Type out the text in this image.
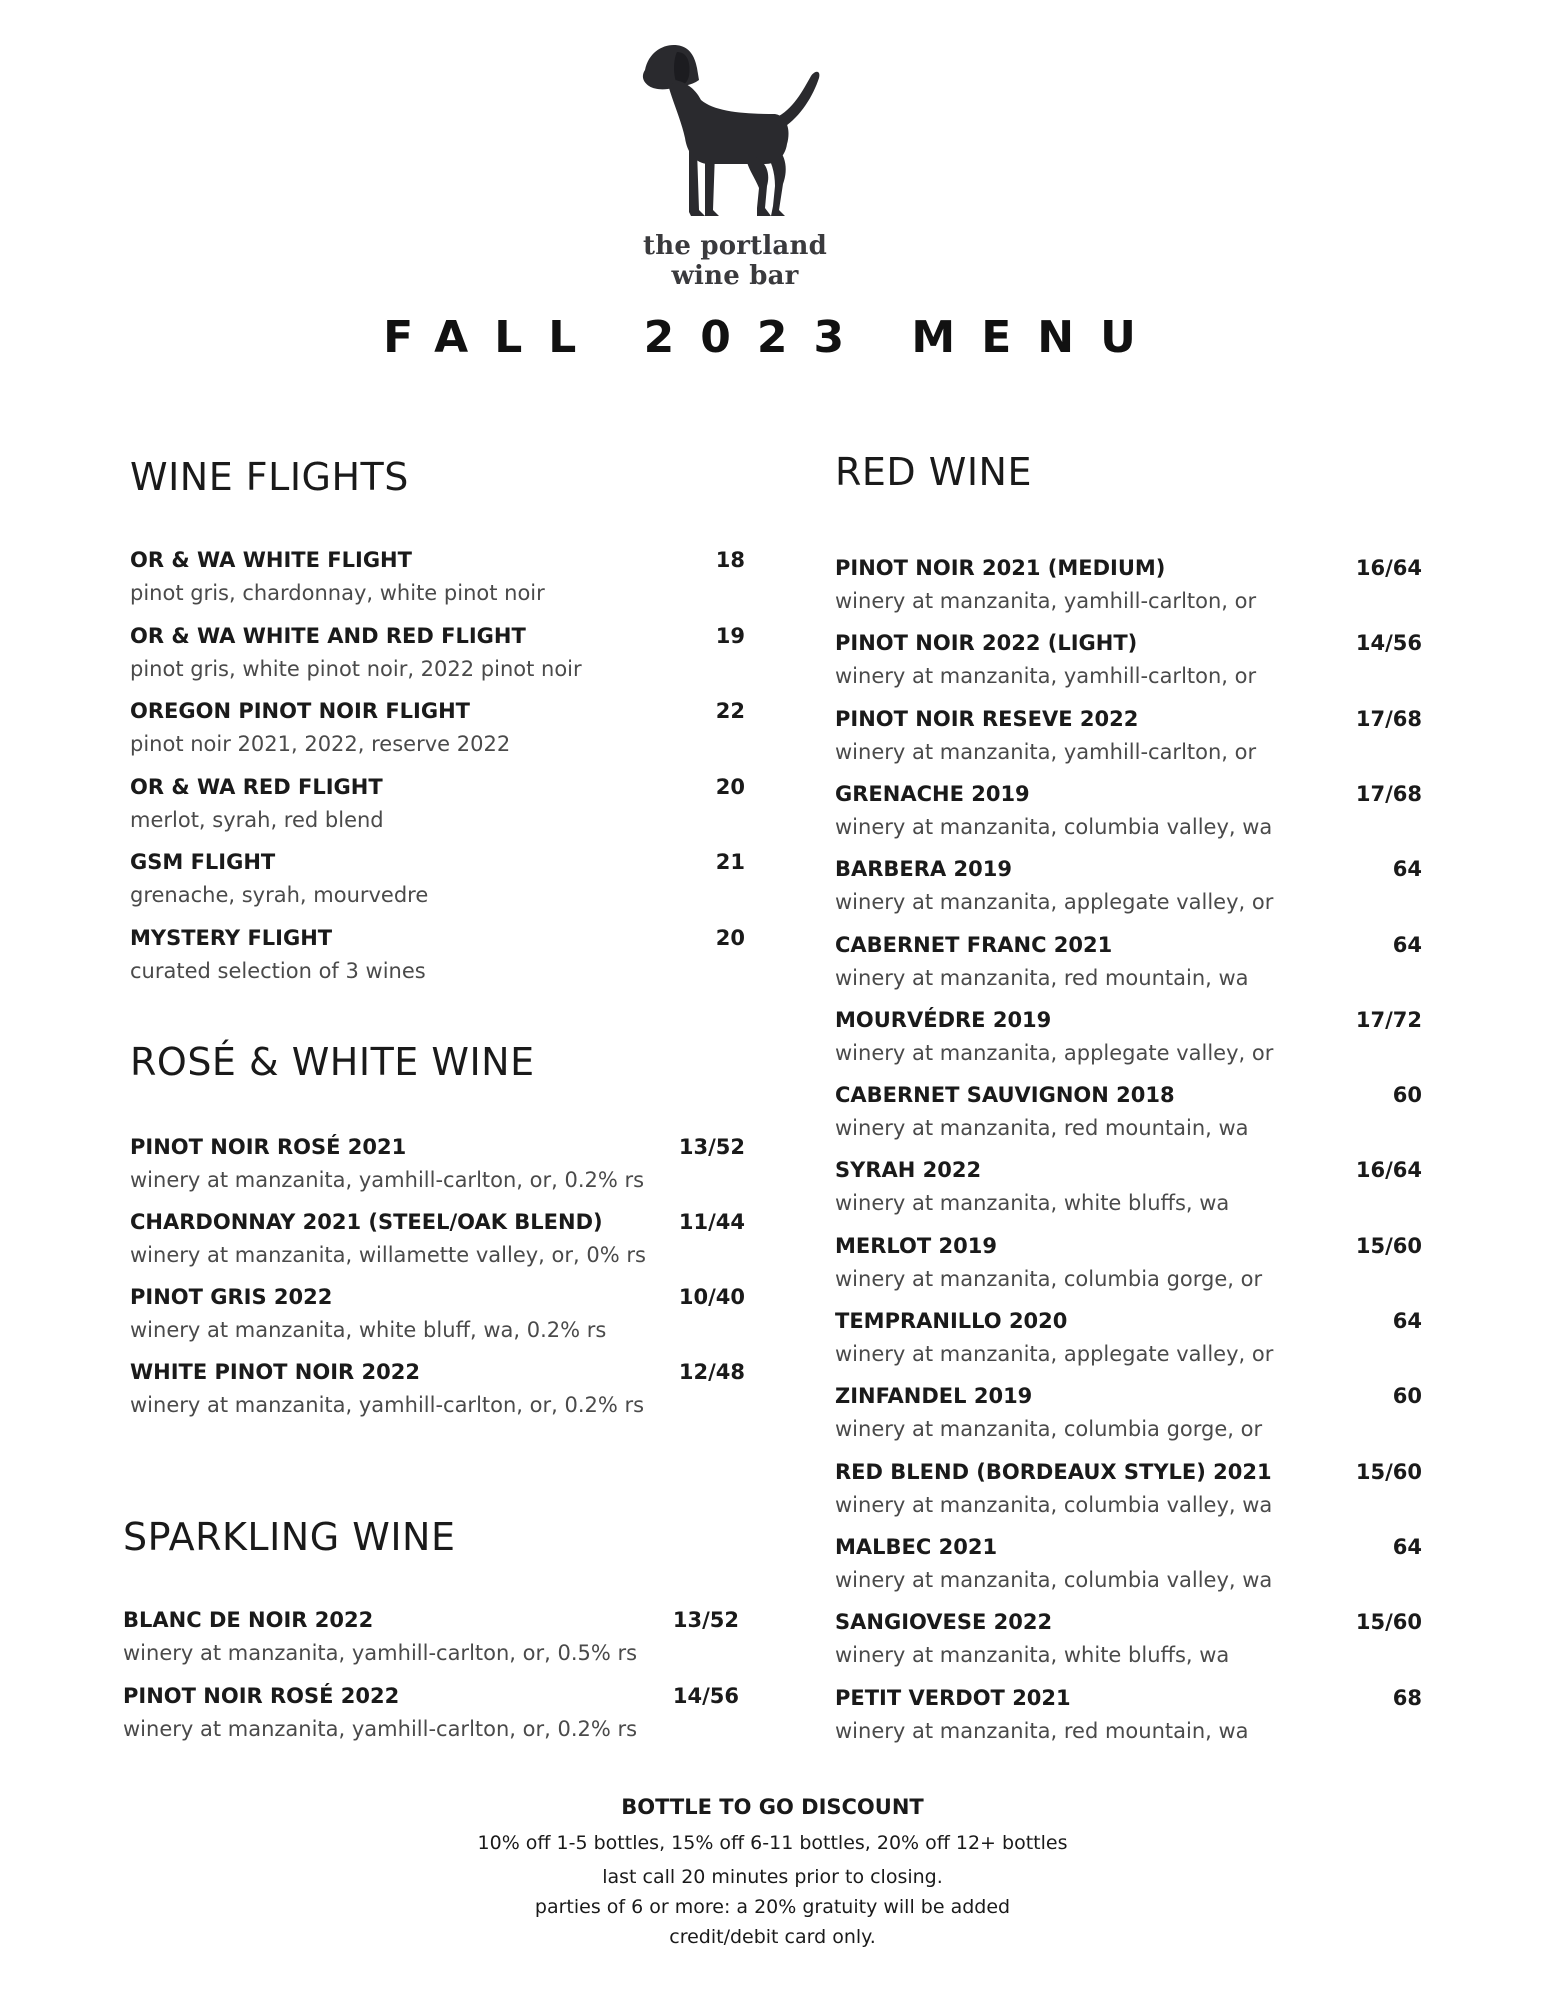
the portland wine bar
FALL 2023 MENU
WINE FLIGHTS
OR & WA WHITE FLIGHT	18
pinot gris, chardonnay, white pinot noir
OR & WA WHITE AND RED FLIGHT	19
pinot gris, white pinot noir, 2022 pinot noir
OREGON PINOT NOIR FLIGHT	22
pinot noir 2021, 2022, reserve 2022
OR & WA RED FLIGHT	20
merlot, syrah, red blend
GSM FLIGHT	21
grenache, syrah, mourvedre
MYSTERY FLIGHT	20
curated selection of 3 wines
ROSÉ & WHITE WINE
PINOT NOIR ROSÉ 2021	13/52
winery at manzanita, yamhill-carlton, or, 0.2% rs
CHARDONNAY 2021 (STEEL/OAK BLEND)	11/44
winery at manzanita, willamette valley, or, 0% rs
PINOT GRIS 2022	10/40
winery at manzanita, white bluff, wa, 0.2% rs
WHITE PINOT NOIR 2022	12/48
winery at manzanita, yamhill-carlton, or, 0.2% rs
SPARKLING WINE
BLANC DE NOIR 2022	13/52
winery at manzanita, yamhill-carlton, or, 0.5% rs
PINOT NOIR ROSÉ 2022	14/56
winery at manzanita, yamhill-carlton, or, 0.2% rs
RED WINE
PINOT NOIR 2021 (MEDIUM)	16/64
winery at manzanita, yamhill-carlton, or
PINOT NOIR 2022 (LIGHT)	14/56
winery at manzanita, yamhill-carlton, or
PINOT NOIR RESEVE 2022	17/68
winery at manzanita, yamhill-carlton, or
GRENACHE 2019	17/68
winery at manzanita, columbia valley, wa
BARBERA 2019	64
winery at manzanita, applegate valley, or
CABERNET FRANC 2021	64
winery at manzanita, red mountain, wa
MOURVÉDRE 2019	17/72
winery at manzanita, applegate valley, or
CABERNET SAUVIGNON 2018	60
winery at manzanita, red mountain, wa
SYRAH 2022	16/64
winery at manzanita, white bluffs, wa
MERLOT 2019	15/60
winery at manzanita, columbia gorge, or
TEMPRANILLO 2020	64
winery at manzanita, applegate valley, or
ZINFANDEL 2019	60
winery at manzanita, columbia gorge, or
RED BLEND (BORDEAUX STYLE) 2021	15/60
winery at manzanita, columbia valley, wa
MALBEC 2021	64
winery at manzanita, columbia valley, wa
SANGIOVESE 2022	15/60
winery at manzanita, white bluffs, wa
PETIT VERDOT 2021	68
winery at manzanita, red mountain, wa
BOTTLE TO GO DISCOUNT
10% off 1-5 bottles, 15% off 6-11 bottles, 20% off 12+ bottles
last call 20 minutes prior to closing.
parties of 6 or more: a 20% gratuity will be added
credit/debit card only.
